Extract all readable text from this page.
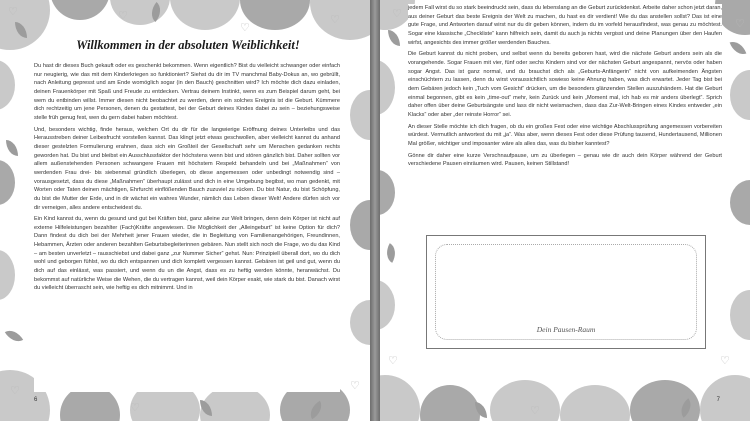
♡	♡
♡
♡
♡
♡
♡
Willkommen in der absoluten Weiblichkeit!

Du hast dir dieses Buch gekauft oder es geschenkt bekommen. Wenn eigentlich? Bist du vielleicht schwanger oder einfach nur neugierig, wie das mit dem Kinderkriegen so funktioniert? Siehst du dir im TV manchmal Baby-Dokus an, wo gebrüllt, nach Anleitung gepresst und am Ende womöglich sogar (in den Bauch) geschnitten wird? Ich möchte dich dazu einladen, deinen Frauenkörper mit Spaß und Freude zu entdecken. Vertrau deinem Instinkt, wenn es zum Beispiel darum geht, bei wem du entbinden willst. Immer diesen nicht beobachtet zu werden, denn ein solches Ereignis ist die Geburt. Kümmere dich rechtzeitig um jene Personen, denen du gestattest, bei der Geburt deines Kindes dabei zu sein – beziehungsweise stelle früh genug fest, wen du gern dabei haben möchtest.

Und, besonders wichtig, finde heraus, welchen Ort du dir für die langwierige Eröffnung deines Unterleibs und das Herausstreben deiner Leibesfrucht vorstellen kannst. Das klingt jetzt etwas geschwollen, aber vielleicht kannst du anhand dieser gestelzten Formulierung erahnen, dass sich ein Großteil der Gesellschaft sehr um Menschen gedanken rechts geworden hat. Du bist und bleibst ein Ausschlussfaktor der höchstens wenn bist und stören gänzlich bist. Daher sollten vor allem außenstehenden Personen schwangere Frauen mit höchstem Respekt behandeln und bei „Maßnahmen“ von werdenden Frau drei- bis siebenmal gründlich überlegen, ob diese angemessen oder unbedingt notwendig sind – vorausgesetzt, dass du diese „Maßnahmen“ überhaupt zulässt und dich in eine Umgebung begibst, wo man gedenkt, mit Worten oder Taten deinen mächtigen, Ehrfurcht einflößenden Bauch zuzuviel zu rücken. Du bist Natur, du bist Schöpfung, du bist die Mutter der Erde, und in dir wächst ein wahres Wunder, nämlich das Leben dieser Welt! Andere dürfen sich vor dir verneigen, alles andere entscheidest du.

Ein Kind kannst du, wenn du gesund und gut bei Kräften bist, ganz alleine zur Welt bringen, denn dein Körper ist nicht auf externe Hilfeleistungen bezahlter (Fach)Kräfte angewiesen. Die Möglichkeit der „Alleingeburt“ ist keine Option für dich? Dann findest du dich bei der Mehrheit jener Frauen wieder, die in Begleitung von Familienangehörigen, Freundinnen, Hebammen, Ärzten oder anderen bezahlten Geburtsbegleiterinnen gebären. Nun stellt sich noch die Frage, wo du das Kind – am besten unverletzt – rausschiebst und dabei ganz „zur Nummer Sicher“ gehst. Nun: Prinzipiell überall dort, wo du dich wohl und geborgen fühlst, wo du dich entspannen und dich komplett vergessen kannst. Gebären ist geil und gut, wenn du dich auf das einlässt, was passiert, und wenn du un die Angst, dass es zu heftig werden könnte, heranwächst. Du bekommst auf natürliche Weise die Wehen, die du vertragen kannst, weil dein Körper exakt, wie stark du bist. Danach wirst du vielleicht überrascht sein, wie heftig es dich mitnimmt. Und in

6
♡
♡
♡
♡
♡

jedem Fall wirst du so stark beeindruckt sein, dass du lebenslang an die Geburt zurückdenkst. Arbeite daher schon jetzt daran, aus deiner Geburt das beste Ereignis der Welt zu machen, du hast es dir verdient! Wie du das anstellen sollst? Das ist eine gute Frage, und Antworten darauf wirst nur du dir geben können, indem du im vorfeld herausfindest, was genau zu möchtest. Sogar eine klassische „Checkliste“ kann hilfreich sein, damit du auch ja nichts vergisst und deine Planungen über den Haufen wirfst, angesichts des immer größer werdenden Bauches.

Die Geburt kannst du nicht proben, und selbst wenn du bereits geboren hast, wird die nächste Geburt anders sein als die vorangehende. Sogar Frauen mit vier, fünf oder sechs Kindern sind vor der nächsten Geburt angespannt, nervös oder haben sogar Angst. Das ist ganz normal, und du brauchst dich als „Geburts-Anfängerin“ nicht von aufkeimenden Ängsten einschüchtern zu lassen, denn du wirst voraussichtlich sowieso keine Ahnung haben, was dich erwartet. Jeder Tag bist bei dem Gebären jedoch kein „Tuch vom Gesicht“ drücken, um die besonders glänzenden Stellen auszuhändern. Hat die Geburt einmal begonnen, gibt es kein „time-out“ mehr, kein Zurück und kein „Moment mal, ich hab es mir anders überlegt“. Sprich daher offen über deine Geburtsängste und lass dir nicht weismachen, dass das Zur-Welt-Bringen eines Kindes entweder „ein Klacks“ oder aber „der reinste Horror“ sei.

An dieser Stelle möchte ich dich fragen, ob du ein großes Fest oder eine wichtige Abschlussprüfung angemessen vorbereiten würdest. Vermutlich antwortest du mit „ja“. Was aber, wenn dieses Fest oder diese Prüfung tausend, Hundertausend, Millionen Mal größer, wichtiger und imposanter wäre als alles das, was du bisher kanntest?

Gönne dir daher eine kurze Verschnaufpause, um zu überlegen – genau wie dir auch dein Körper während der Geburt verschiedene Pausen einräumen wird. Pausen, keinen Stillstand!

Dein Pausen-Raum
7
